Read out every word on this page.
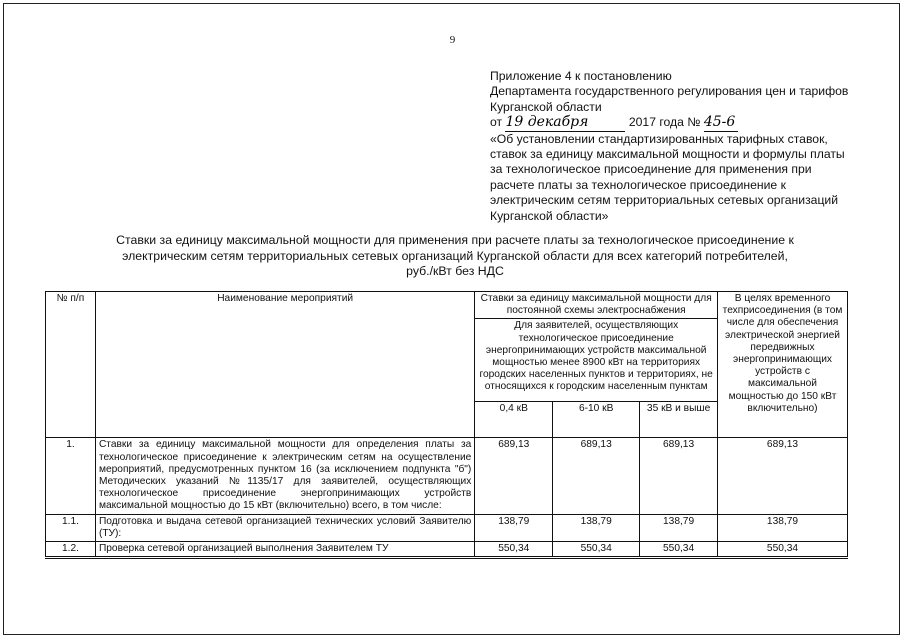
9
Приложение 4 к постановлению
Департамента государственного регулирования цен и тарифов Курганской области
от 19 декабря	2017 года № 45-6
«Об установлении стандартизированных тарифных ставок, ставок за единицу максимальной мощности и формулы платы за технологическое присоединение для применения при расчете платы за технологическое присоединение к электрическим сетям территориальных сетевых организаций Курганской области»
Ставки за единицу максимальной мощности для применения при расчете платы за технологическое присоединение к
электрическим сетям территориальных сетевых организаций Курганской области для всех категорий потребителей,
руб./кВт без НДС
№ п/п	Наименование мероприятий	Ставки за единицу максимальной мощности для постоянной схемы электроснабжения			В целях временного техприсоединения (в том числе для обеспечения электрической энергией передвижных энергопринимающих устройств с максимальной мощностью до 150 кВт включительно)
		Для заявителей, осуществляющих технологическое присоединение энергопринимающих устройств максимальной мощностью менее 8900 кВт на территориях городских населенных пунктов и территориях, не относящихся к городским населенным пунктам			
		0,4 кВ	6-10 кВ	35 кВ и выше	
1.	Ставки за единицу максимальной мощности для определения платы за технологическое присоединение к электрическим сетям на осуществление мероприятий, предусмотренных пунктом 16 (за исключением подпункта "б") Методических указаний №1135/17 для заявителей, осуществляющих технологическое присоединение энергопринимающих устройств максимальной мощностью до 15 кВт (включительно) всего, в том числе:	689,13	689,13	689,13	689,13
1.1.	Подготовка и выдача сетевой организацией технических условий Заявителю (ТУ):	138,79	138,79	138,79	138,79
1.2.	Проверка сетевой организацией выполнения Заявителем ТУ	550,34	550,34	550,34	550,34
